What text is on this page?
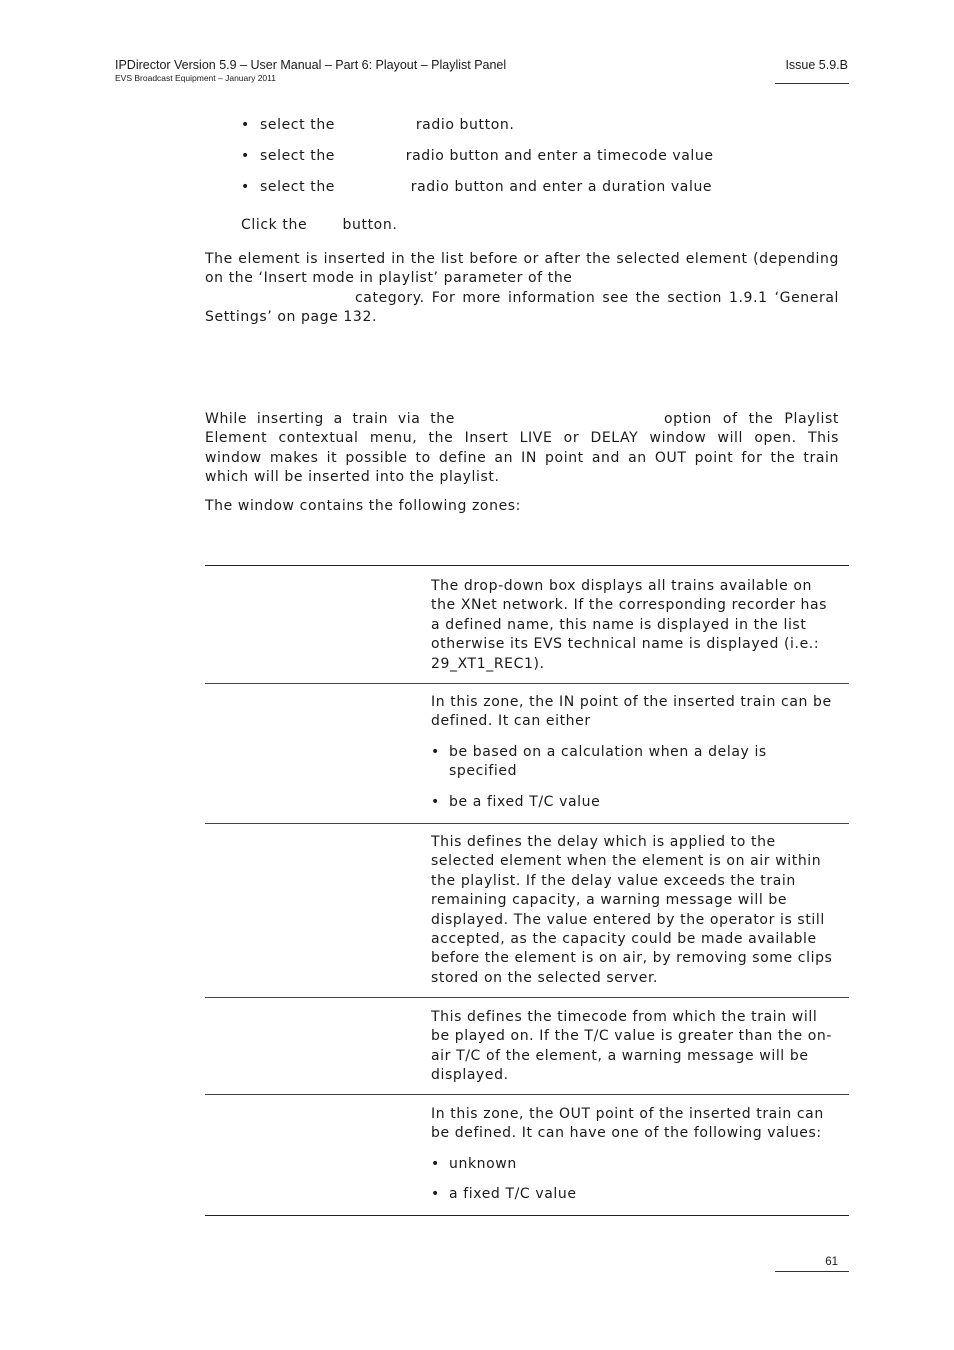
IPDirector Version 5.9 – User Manual – Part 6: Playout – Playlist Panel
EVS Broadcast Equipment – January 2011
Issue 5.9.B
• select the                radio button.
• select the              radio button and enter a timecode value
• select the               radio button and enter a duration value

Click the       button.

The element is inserted in the list before or after the selected element (depending
on the ‘Insert mode in playlist’ parameter of the
category. For more information see the section 1.9.1 ‘General
Settings’ on page 132.
While inserting a train via the	option of the Playlist
Element contextual menu, the Insert LIVE or DELAY window will open. This
window makes it possible to define an IN point and an OUT point for the train
which will be inserted into the playlist.

The window contains the following zones:

The drop-down box displays all trains available on

the XNet network. If the corresponding recorder has

a defined name, this name is displayed in the list

otherwise its EVS technical name is displayed (i.e.:

29_XT1_REC1).

In this zone, the IN point of the inserted train can be

defined. It can either

• be based on a calculation when a delay is
specified
• be a fixed T/C value

This defines the delay which is applied to the

selected element when the element is on air within

the playlist. If the delay value exceeds the train

remaining capacity, a warning message will be

displayed. The value entered by the operator is still

accepted, as the capacity could be made available

before the element is on air, by removing some clips

stored on the selected server.

This defines the timecode from which the train will

be played on. If the T/C value is greater than the on-

air T/C of the element, a warning message will be

displayed.

In this zone, the OUT point of the inserted train can

be defined. It can have one of the following values:

• unknown
• a fixed T/C value
61
